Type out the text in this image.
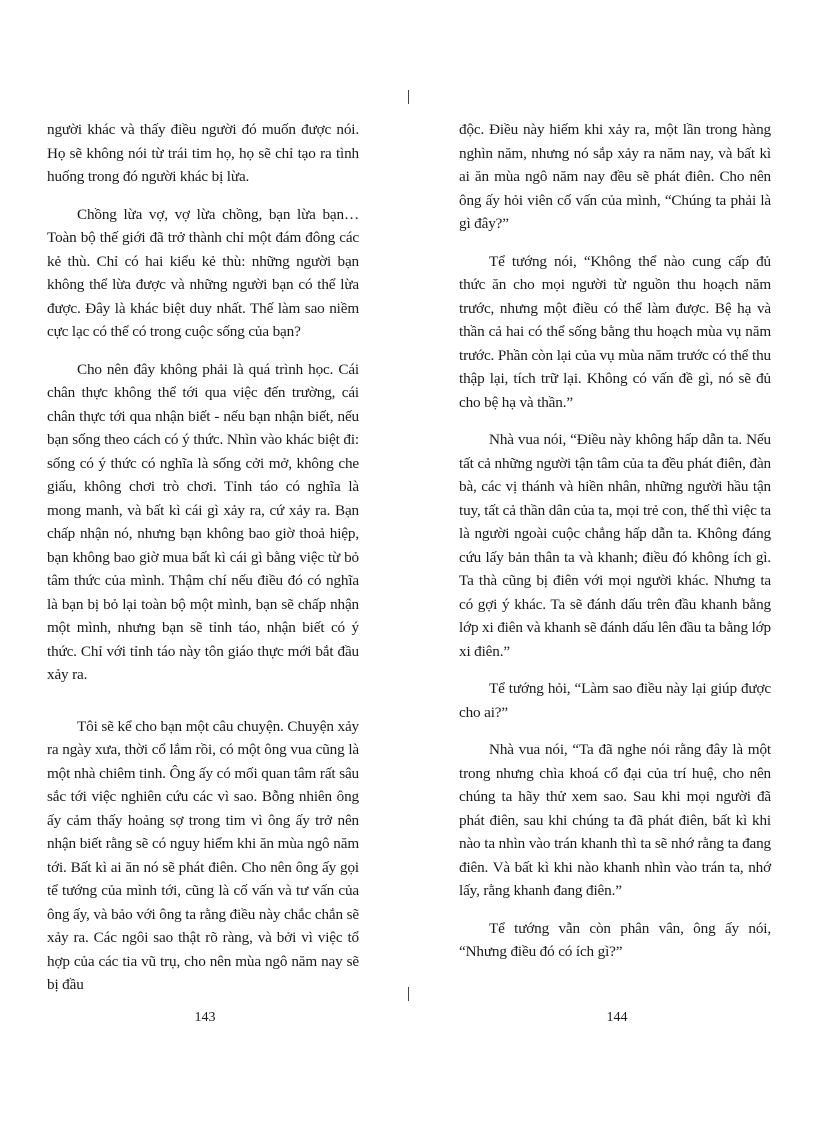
người khác và thấy điều người đó muốn được nói. Họ sẽ không nói từ trái tim họ, họ sẽ chỉ tạo ra tình huống trong đó người khác bị lừa.

Chồng lừa vợ, vợ lừa chồng, bạn lừa bạn… Toàn bộ thế giới đã trở thành chỉ một đám đông các kẻ thù. Chỉ có hai kiểu kẻ thù: những người bạn không thể lừa được và những người bạn có thể lừa được. Đây là khác biệt duy nhất. Thế làm sao niềm cực lạc có thể có trong cuộc sống của bạn?

Cho nên đây không phải là quá trình học. Cái chân thực không thể tới qua việc đến trường, cái chân thực tới qua nhận biết - nếu bạn nhận biết, nếu bạn sống theo cách có ý thức. Nhìn vào khác biệt đi: sống có ý thức có nghĩa là sống cởi mở, không che giấu, không chơi trò chơi. Tỉnh táo có nghĩa là mong manh, và bất kì cái gì xảy ra, cứ xảy ra. Bạn chấp nhận nó, nhưng bạn không bao giờ thoả hiệp, bạn không bao giờ mua bất kì cái gì bằng việc từ bỏ tâm thức của mình. Thậm chí nếu điều đó có nghĩa là bạn bị bỏ lại toàn bộ một mình, bạn sẽ chấp nhận một mình, nhưng bạn sẽ tỉnh táo, nhận biết có ý thức. Chỉ với tỉnh táo này tôn giáo thực mới bắt đầu xảy ra.

Tôi sẽ kể cho bạn một câu chuyện. Chuyện xảy ra ngày xưa, thời cổ lắm rồi, có một ông vua cũng là một nhà chiêm tinh. Ông ấy có mối quan tâm rất sâu sắc tới việc nghiên cứu các vì sao. Bỗng nhiên ông ấy cảm thấy hoảng sợ trong tim vì ông ấy trở nên nhận biết rằng sẽ có nguy hiểm khi ăn mùa ngô năm tới. Bất kì ai ăn nó sẽ phát điên. Cho nên ông ấy gọi tể tướng của mình tới, cũng là cố vấn và tư vấn của ông ấy, và bảo với ông ta rằng điều này chắc chắn sẽ xảy ra. Các ngôi sao thật rõ ràng, và bởi vì việc tổ hợp của các tia vũ trụ, cho nên mùa ngô năm nay sẽ bị đầu

độc. Điều này hiếm khi xảy ra, một lần trong hàng nghìn năm, nhưng nó sắp xảy ra năm nay, và bất kì ai ăn mùa ngô năm nay đều sẽ phát điên. Cho nên ông ấy hỏi viên cố vấn của mình, “Chúng ta phải là gì đây?”

Tể tướng nói, “Không thể nào cung cấp đủ thức ăn cho mọi người từ nguồn thu hoạch năm trước, nhưng một điều có thể làm được. Bệ hạ và thần cả hai có thể sống bằng thu hoạch mùa vụ năm trước. Phần còn lại của vụ mùa năm trước có thể thu thập lại, tích trữ lại. Không có vấn đề gì, nó sẽ đủ cho bệ hạ và thần.”

Nhà vua nói, “Điều này không hấp dẫn ta. Nếu tất cả những người tận tâm của ta đều phát điên, đàn bà, các vị thánh và hiền nhân, những người hầu tận tuy, tất cả thần dân của ta, mọi trẻ con, thế thì việc ta là người ngoài cuộc chẳng hấp dẫn ta. Không đáng cứu lấy bản thân ta và khanh; điều đó không ích gì. Ta thà cũng bị điên với mọi người khác. Nhưng ta có gợi ý khác. Ta sẽ đánh dấu trên đầu khanh bằng lớp xi điên và khanh sẽ đánh dấu lên đầu ta bằng lớp xi điên.”

Tể tướng hỏi, “Làm sao điều này lại giúp được cho ai?”

Nhà vua nói, “Ta đã nghe nói rằng đây là một trong nhưng chìa khoá cổ đại của trí huệ, cho nên chúng ta hãy thử xem sao. Sau khi mọi người đã phát điên, sau khi chúng ta đã phát điên, bất kì khi nào ta nhìn vào trán khanh thì ta sẽ nhớ rằng ta đang điên. Và bất kì khi nào khanh nhìn vào trán ta, nhớ lấy, rằng khanh đang điên.”

Tể tướng vẫn còn phân vân, ông ấy nói, “Nhưng điều đó có ích gì?”

143	144
